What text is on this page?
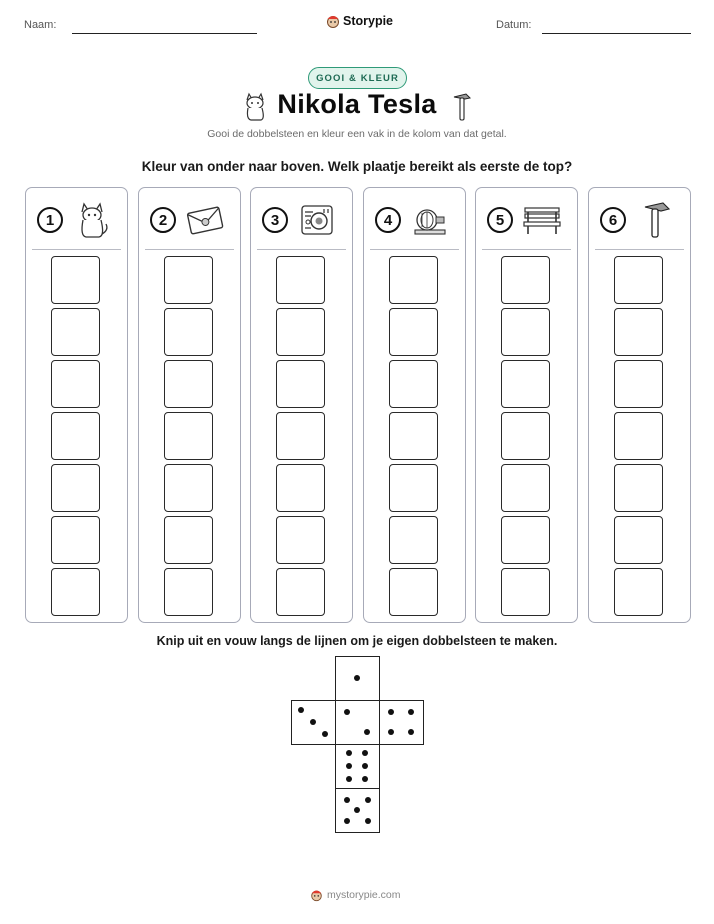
Naam:	Storypie	Datum:
GOOI & KLEUR
Nikola Tesla
Gooi de dobbelsteen en kleur een vak in de kolom van dat getal.
Kleur van onder naar boven. Welk plaatje bereikt als eerste de top?
1	2	3	4	5	6
Knip uit en vouw langs de lijnen om je eigen dobbelsteen te maken.
mystorypie.com
